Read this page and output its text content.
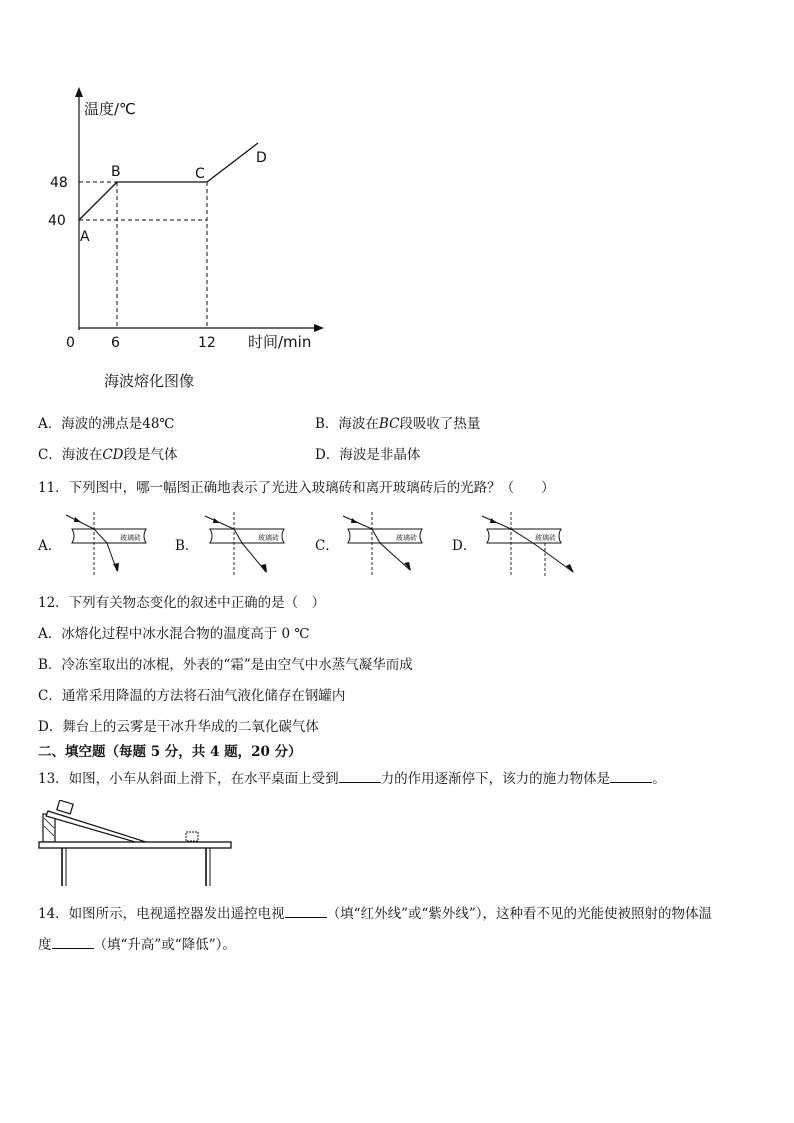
温度/℃
时间/min
0
40
48
6	12
A
B	C
D
海波熔化图像
A．海波的沸点是48℃	B．海波在BC段吸收了热量
C．海波在CD段是气体	D．海波是非晶体
11．下列图中，哪一幅图正确地表示了光进入玻璃砖和离开玻璃砖后的光路？（　　）
A．	B．	C．	D．
玻璃砖	玻璃砖	玻璃砖	玻璃砖
12．下列有关物态变化的叙述中正确的是（　）
A．冰熔化过程中冰水混合物的温度高于 0 ℃
B．冷冻室取出的冰棍，外表的“霜”是由空气中水蒸气凝华而成
C．通常采用降温的方法将石油气液化储存在钢罐内
D．舞台上的云雾是干冰升华成的二氧化碳气体
二、填空题（每题 5 分，共 4 题，20 分）
13．如图，小车从斜面上滑下，在水平桌面上受到	力的作用逐渐停下，该力的施力物体是	。
14．如图所示，电视遥控器发出遥控电视	（填“红外线”或“紫外线”），这种看不见的光能使被照射的物体温
度	（填“升高”或“降低”）。
